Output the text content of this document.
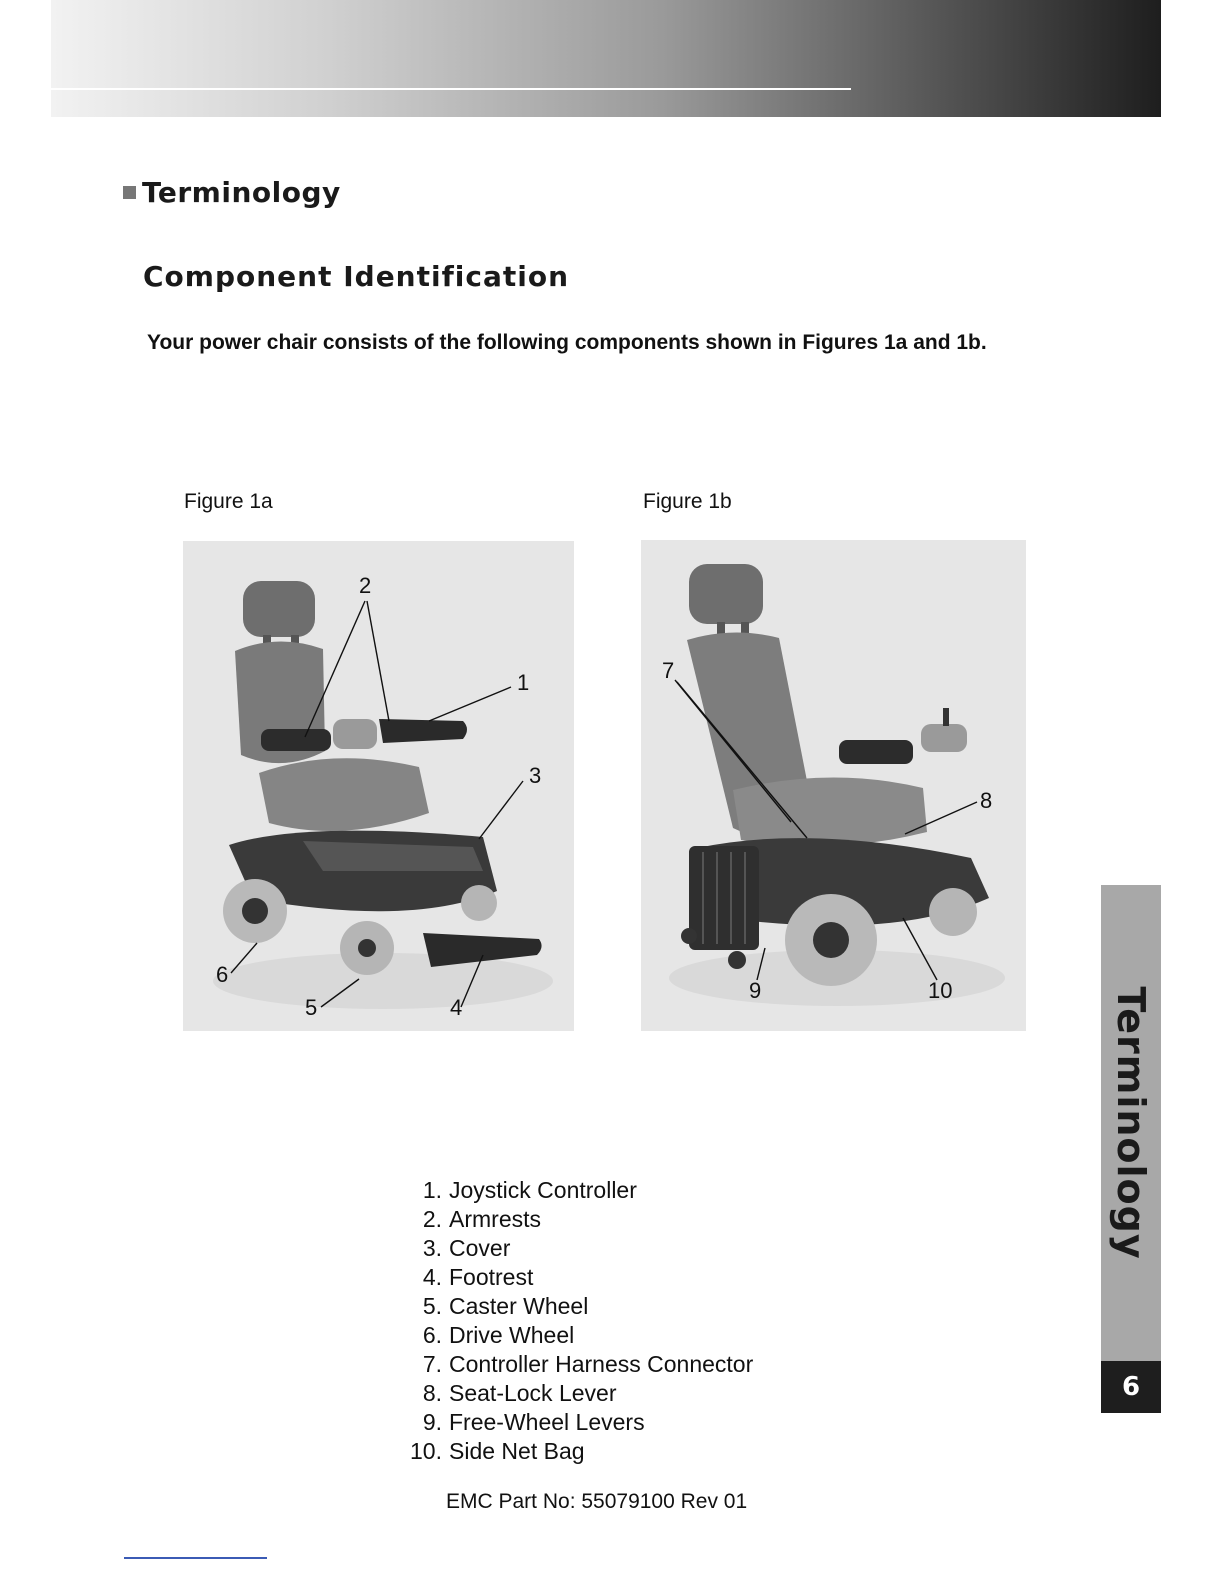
Terminology
Component Identification
Your power chair consists of the following components shown in Figures 1a and 1b.
Figure 1a	Figure 1b
2
1
3
6
5	4
7
8
9	10
1. Joystick Controller
2. Armrests
3. Cover
4. Footrest
5. Caster Wheel
6. Drive Wheel
7. Controller Harness Connector
8. Seat-Lock Lever
9. Free-Wheel Levers
10. Side Net Bag
EMC Part No: 55079100 Rev 01
Terminology
6
